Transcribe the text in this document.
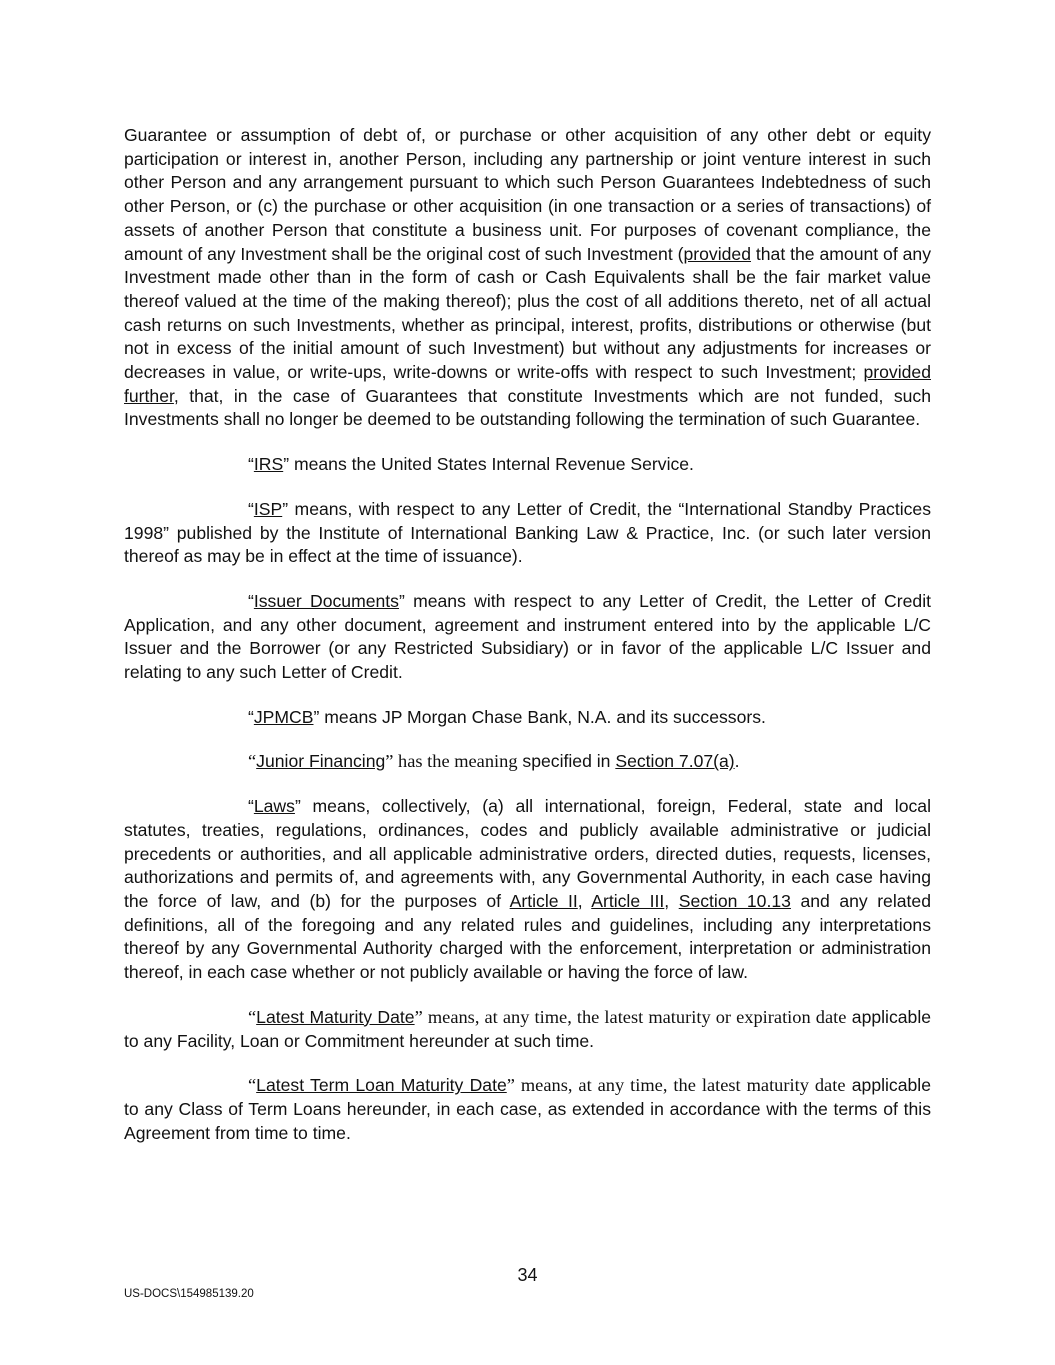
Guarantee or assumption of debt of, or purchase or other acquisition of any other debt or equity participation or interest in, another Person, including any partnership or joint venture interest in such other Person and any arrangement pursuant to which such Person Guarantees Indebtedness of such other Person, or (c) the purchase or other acquisition (in one transaction or a series of transactions) of assets of another Person that constitute a business unit. For purposes of covenant compliance, the amount of any Investment shall be the original cost of such Investment (provided that the amount of any Investment made other than in the form of cash or Cash Equivalents shall be the fair market value thereof valued at the time of the making thereof); plus the cost of all additions thereto, net of all actual cash returns on such Investments, whether as principal, interest, profits, distributions or otherwise (but not in excess of the initial amount of such Investment) but without any adjustments for increases or decreases in value, or write-ups, write-downs or write-offs with respect to such Investment; provided further, that, in the case of Guarantees that constitute Investments which are not funded, such Investments shall no longer be deemed to be outstanding following the termination of such Guarantee.

“IRS” means the United States Internal Revenue Service.

“ISP” means, with respect to any Letter of Credit, the “International Standby Practices 1998” published by the Institute of International Banking Law & Practice, Inc. (or such later version thereof as may be in effect at the time of issuance).

“Issuer Documents” means with respect to any Letter of Credit, the Letter of Credit Application, and any other document, agreement and instrument entered into by the applicable L/C Issuer and the Borrower (or any Restricted Subsidiary) or in favor of the applicable L/C Issuer and relating to any such Letter of Credit.

“JPMCB” means JP Morgan Chase Bank, N.A. and its successors.

“Junior Financing” has the meaning specified in Section 7.07(a).

“Laws” means, collectively, (a) all international, foreign, Federal, state and local statutes, treaties, regulations, ordinances, codes and publicly available administrative or judicial precedents or authorities, and all applicable administrative orders, directed duties, requests, licenses, authorizations and permits of, and agreements with, any Governmental Authority, in each case having the force of law, and (b) for the purposes of Article II, Article III, Section 10.13 and any related definitions, all of the foregoing and any related rules and guidelines, including any interpretations thereof by any Governmental Authority charged with the enforcement, interpretation or administration thereof, in each case whether or not publicly available or having the force of law.

“Latest Maturity Date” means, at any time, the latest maturity or expiration date applicable to any Facility, Loan or Commitment hereunder at such time.

“Latest Term Loan Maturity Date” means, at any time, the latest maturity date applicable to any Class of Term Loans hereunder, in each case, as extended in accordance with the terms of this Agreement from time to time.

34
US-DOCS\154985139.20
